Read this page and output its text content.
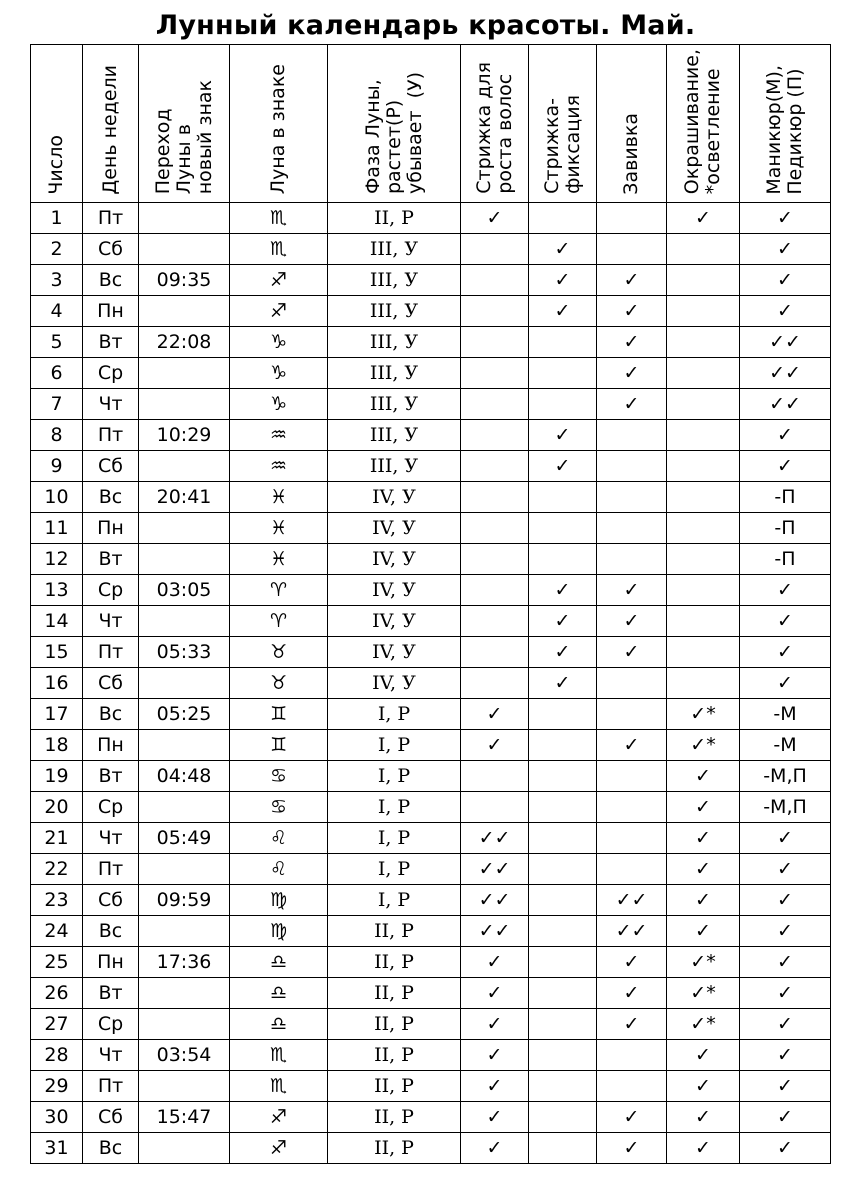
Лунный календарь красоты. Май.
Число	День недели	Переход
Луны в
новый знак	Луна в знаке	Фаза Луны,
растет(Р)
убывает  (У)	Стрижка для
роста волос	Стрижка-
фиксация	Завивка	Окрашивание,
*осветление	Маникюр(М),
Педикюр (П)
1	Пт		♏	II, Р	✓			✓	✓
2	Сб		♏	III, У		✓			✓
3	Вс	09:35	♐	III, У		✓	✓		✓
4	Пн		♐	III, У		✓	✓		✓
5	Вт	22:08	♑	III, У			✓		✓✓
6	Ср		♑	III, У			✓		✓✓
7	Чт		♑	III, У			✓		✓✓
8	Пт	10:29	♒	III, У		✓			✓
9	Сб		♒	III, У		✓			✓
10	Вс	20:41	♓	IV, У					-П
11	Пн		♓	IV, У					-П
12	Вт		♓	IV, У					-П
13	Ср	03:05	♈	IV, У		✓	✓		✓
14	Чт		♈	IV, У		✓	✓		✓
15	Пт	05:33	♉	IV, У		✓	✓		✓
16	Сб		♉	IV, У		✓			✓
17	Вс	05:25	♊	I, Р	✓			✓*	-М
18	Пн		♊	I, Р	✓		✓	✓*	-М
19	Вт	04:48	♋	I, Р				✓	-М,П
20	Ср		♋	I, Р				✓	-М,П
21	Чт	05:49	♌	I, Р	✓✓			✓	✓
22	Пт		♌	I, Р	✓✓			✓	✓
23	Сб	09:59	♍	I, Р	✓✓		✓✓	✓	✓
24	Вс		♍	II, Р	✓✓		✓✓	✓	✓
25	Пн	17:36	♎	II, Р	✓		✓	✓*	✓
26	Вт		♎	II, Р	✓		✓	✓*	✓
27	Ср		♎	II, Р	✓		✓	✓*	✓
28	Чт	03:54	♏	II, Р	✓			✓	✓
29	Пт		♏	II, Р	✓			✓	✓
30	Сб	15:47	♐	II, Р	✓		✓	✓	✓
31	Вс		♐	II, Р	✓		✓	✓	✓
